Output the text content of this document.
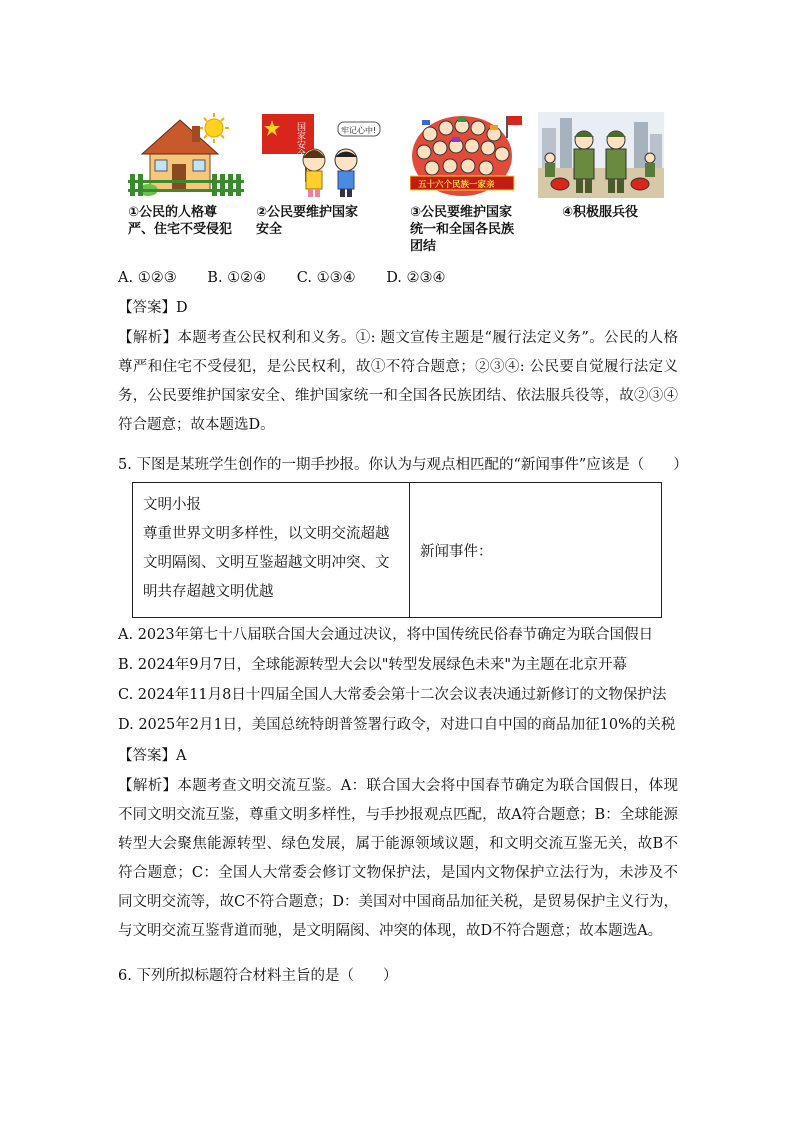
①公民的人格尊严、住宅不受侵犯
国家安全	牢记心中!
②公民要维护国家安全
五十六个民族一家亲
③公民要维护国家统一和全国各民族团结
④积极服兵役
A. ①②③ B. ①②④ C. ①③④ D. ②③④
【答案】D
【解析】本题考查公民权利和义务。①: 题文宣传主题是“履行法定义务”。公民的人格尊严和住宅不受侵犯，是公民权利，故①不符合题意；②③④: 公民要自觉履行法定义务，公民要维护国家安全、维护国家统一和全国各民族团结、依法服兵役等，故②③④符合题意；故本题选D。
5. 下图是某班学生创作的一期手抄报。你认为与观点相匹配的“新闻事件”应该是（　　）
文明小报
尊重世界文明多样性，以文明交流超越文明隔阂、文明互鉴超越文明冲突、文明共存超越文明优越
新闻事件：
A. 2023年第七十八届联合国大会通过决议，将中国传统民俗春节确定为联合国假日
B. 2024年9月7日，全球能源转型大会以"转型发展绿色未来"为主题在北京开幕
C. 2024年11月8日十四届全国人大常委会第十二次会议表决通过新修订的文物保护法
D. 2025年2月1日，美国总统特朗普签署行政令，对进口自中国的商品加征10%的关税
【答案】A
【解析】本题考查文明交流互鉴。A：联合国大会将中国春节确定为联合国假日，体现不同文明交流互鉴，尊重文明多样性，与手抄报观点匹配，故A符合题意；B：全球能源转型大会聚焦能源转型、绿色发展，属于能源领域议题，和文明交流互鉴无关，故B不符合题意；C：全国人大常委会修订文物保护法，是国内文物保护立法行为，未涉及不同文明交流等，故C不符合题意；D：美国对中国商品加征关税，是贸易保护主义行为，与文明交流互鉴背道而驰，是文明隔阂、冲突的体现，故D不符合题意；故本题选A。
6. 下列所拟标题符合材料主旨的是（　　）
